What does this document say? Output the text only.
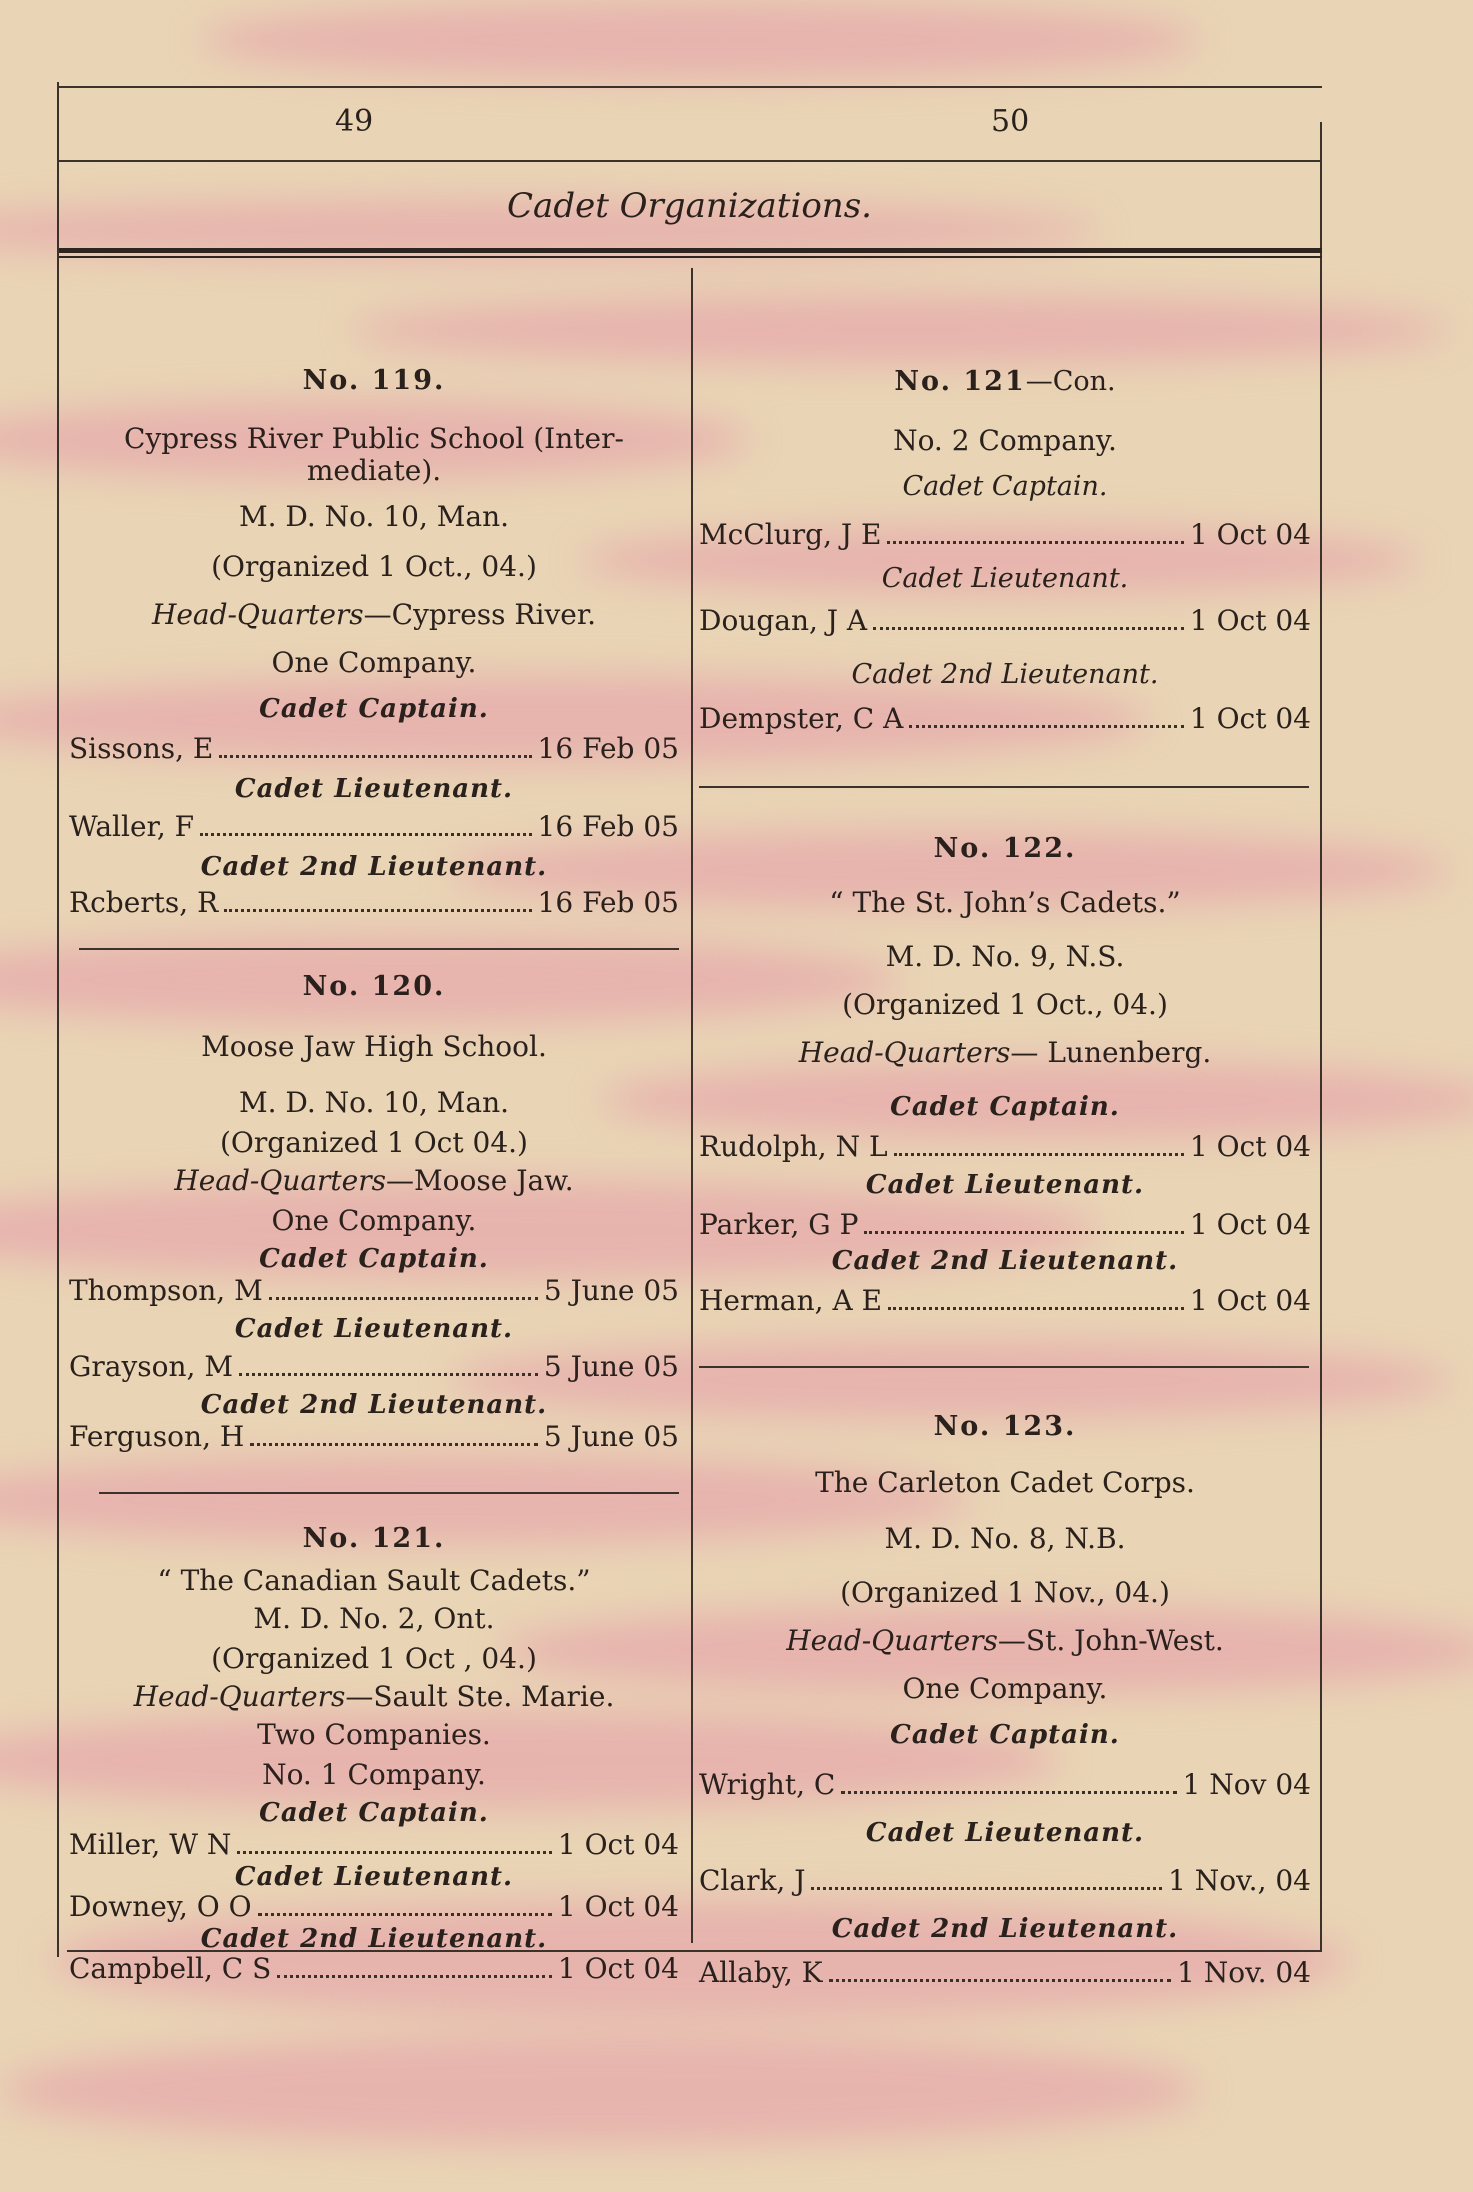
49	50
Cadet Organizations.
No. 119.
Cypress River Public School (Inter-
mediate).
M. D. No. 10, Man.
(Organized 1 Oct., 04.)
Head-Quarters—Cypress River.
One Company.
Cadet Captain.
Sissons, E	16 Feb 05
Cadet Lieutenant.
Waller, F	16 Feb 05
Cadet 2nd Lieutenant.
Rcberts, R	16 Feb 05
No. 120.
Moose Jaw High School.
M. D. No. 10, Man.
(Organized 1 Oct 04.)
Head-Quarters—Moose Jaw.
One Company.
Cadet Captain.
Thompson, M	5 June 05
Cadet Lieutenant.
Grayson, M	5 June 05
Cadet 2nd Lieutenant.
Ferguson, H	5 June 05
No. 121.
“ The Canadian Sault Cadets.”
M. D. No. 2, Ont.
(Organized 1 Oct , 04.)
Head-Quarters—Sault Ste. Marie.
Two Companies.
No. 1 Company.
Cadet Captain.
Miller, W N	1 Oct 04
Cadet Lieutenant.
Downey, O O	1 Oct 04
Cadet 2nd Lieutenant.
Campbell, C S	1 Oct 04
No. 121—Con.
No. 2 Company.
Cadet Captain.
McClurg, J E	1 Oct 04
Cadet Lieutenant.
Dougan, J A	1 Oct 04
Cadet 2nd Lieutenant.
Dempster, C A	1 Oct 04
No. 122.
“ The St. John’s Cadets.”
M. D. No. 9, N.S.
(Organized 1 Oct., 04.)
Head-Quarters— Lunenberg.
Cadet Captain.
Rudolph, N L	1 Oct 04
Cadet Lieutenant.
Parker, G P	1 Oct 04
Cadet 2nd Lieutenant.
Herman, A E	1 Oct 04
No. 123.
The Carleton Cadet Corps.
M. D. No. 8, N.B.
(Organized 1 Nov., 04.)
Head-Quarters—St. John-West.
One Company.
Cadet Captain.
Wright, C	1 Nov 04
Cadet Lieutenant.
Clark, J	1 Nov., 04
Cadet 2nd Lieutenant.
Allaby, K	1 Nov. 04
